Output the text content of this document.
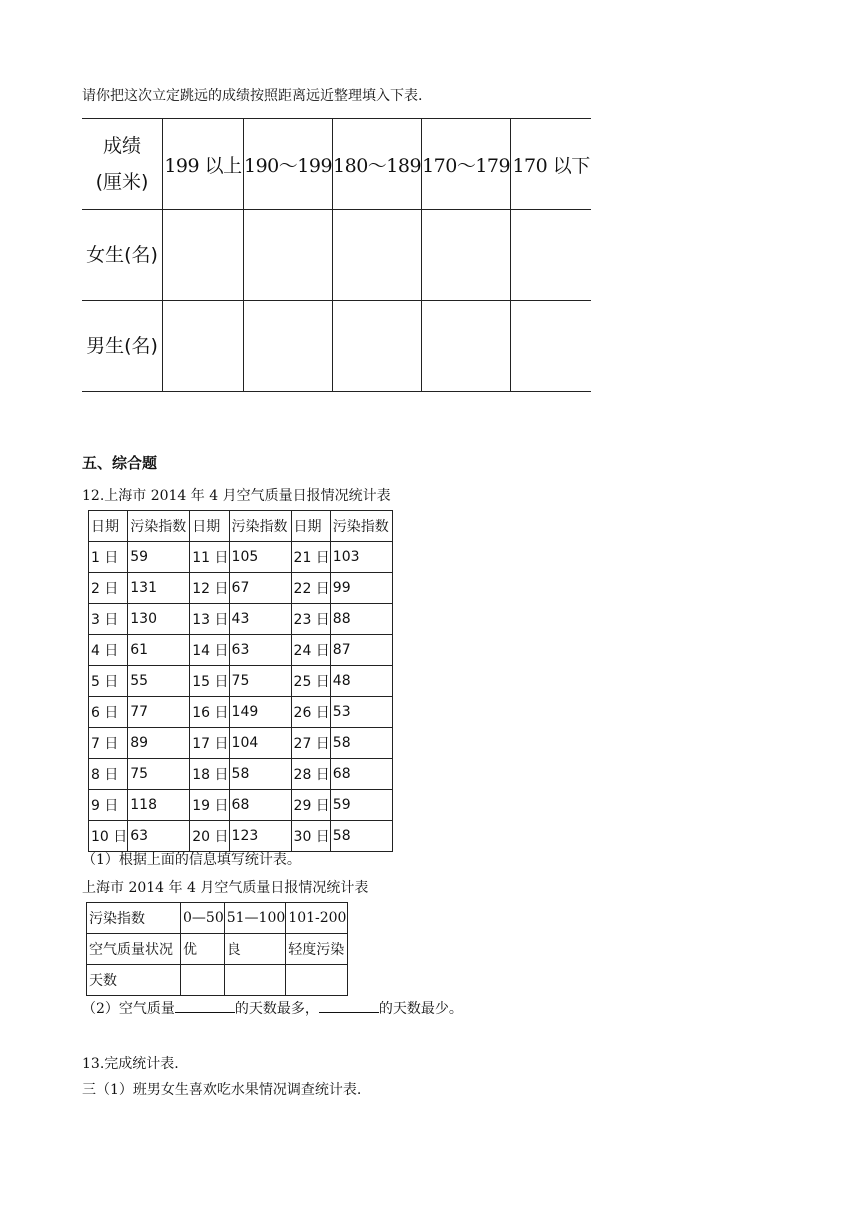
请你把这次立定跳远的成绩按照距离远近整理填入下表.
成绩
(厘米)	199 以上	190～199	180～189	170～179	170 以下
女生(名)					
男生(名)					
五、综合题
12.上海市 2014 年 4 月空气质量日报情况统计表
日期	污染指数	日期	污染指数	日期	污染指数
1 日	59	11 日	105	21 日	103
2 日	131	12 日	67	22 日	99
3 日	130	13 日	43	23 日	88
4 日	61	14 日	63	24 日	87
5 日	55	15 日	75	25 日	48
6 日	77	16 日	149	26 日	53
7 日	89	17 日	104	27 日	58
8 日	75	18 日	58	28 日	68
9 日	118	19 日	68	29 日	59
10 日	63	20 日	123	30 日	58
（1）根据上面的信息填写统计表。
上海市 2014 年 4 月空气质量日报情况统计表
污染指数	0—50	51—100	101-200
空气质量状况	优	良	轻度污染
天数			
（2）空气质量	的天数最多，	的天数最少。
13.完成统计表.
三（1）班男女生喜欢吃水果情况调查统计表.
